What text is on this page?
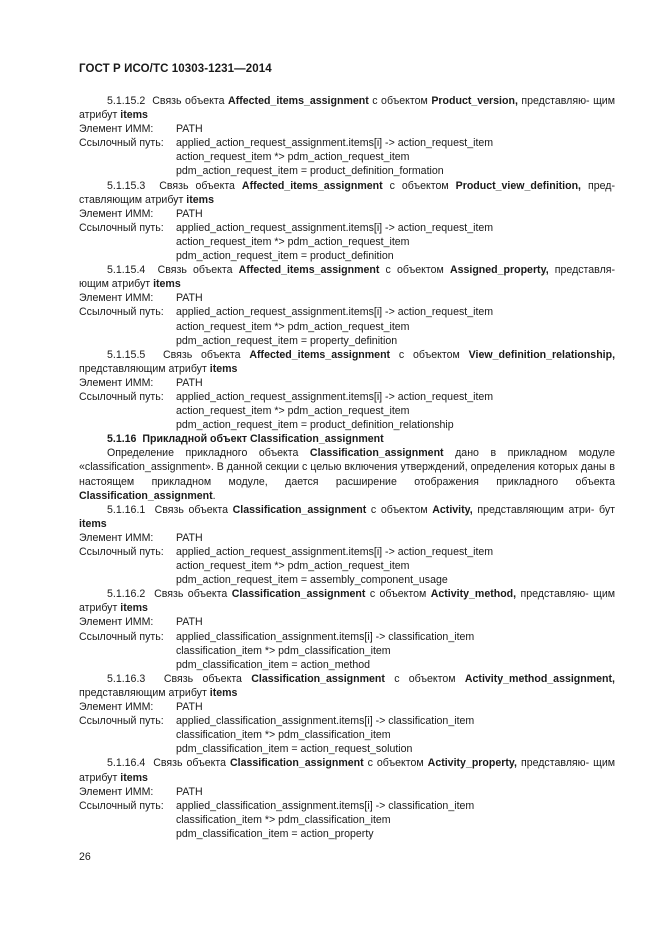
ГОСТ Р ИСО/ТС 10303-1231—2014
5.1.15.2 Связь объекта Affected_items_assignment с объектом Product_version, представляю- щим атрибут items
Элемент ИММ:	PATH
Ссылочный путь:	applied_action_request_assignment.items[i] -> action_request_item
action_request_item *> pdm_action_request_item
pdm_action_request_item = product_definition_formation
5.1.15.3 Связь объекта Affected_items_assignment с объектом Product_view_definition, пред- ставляющим атрибут items
Элемент ИММ:	PATH
Ссылочный путь:	applied_action_request_assignment.items[i] -> action_request_item
action_request_item *> pdm_action_request_item
pdm_action_request_item = product_definition
5.1.15.4 Связь объекта Affected_items_assignment с объектом Assigned_property, представля- ющим атрибут items
Элемент ИММ:	PATH
Ссылочный путь:	applied_action_request_assignment.items[i] -> action_request_item
action_request_item *> pdm_action_request_item
pdm_action_request_item = property_definition
5.1.15.5 Связь объекта Affected_items_assignment с объектом View_definition_relationship, представляющим атрибут items
Элемент ИММ:	PATH
Ссылочный путь:	applied_action_request_assignment.items[i] -> action_request_item
action_request_item *> pdm_action_request_item
pdm_action_request_item = product_definition_relationship
5.1.16 Прикладной объект Classification_assignment
Определение прикладного объекта Classification_assignment дано в прикладном модуле «classification_assignment». В данной секции с целью включения утверждений, определения которых даны в настоящем прикладном модуле, дается расширение отображения прикладного объекта Classification_assignment.
5.1.16.1 Связь объекта Classification_assignment с объектом Activity, представляющим атри- бут items
Элемент ИММ:	PATH
Ссылочный путь:	applied_action_request_assignment.items[i] -> action_request_item
action_request_item *> pdm_action_request_item
pdm_action_request_item = assembly_component_usage
5.1.16.2 Связь объекта Classification_assignment с объектом Activity_method, представляю- щим атрибут items
Элемент ИММ:	PATH
Ссылочный путь:	applied_classification_assignment.items[i] -> classification_item
classification_item *> pdm_classification_item
pdm_classification_item = action_method
5.1.16.3 Связь объекта Classification_assignment с объектом Activity_method_assignment, представляющим атрибут items
Элемент ИММ:	PATH
Ссылочный путь:	applied_classification_assignment.items[i] -> classification_item
classification_item *> pdm_classification_item
pdm_classification_item = action_request_solution
5.1.16.4 Связь объекта Classification_assignment с объектом Activity_property, представляю- щим атрибут items
Элемент ИММ:	PATH
Ссылочный путь:	applied_classification_assignment.items[i] -> classification_item
classification_item *> pdm_classification_item
pdm_classification_item = action_property
26
